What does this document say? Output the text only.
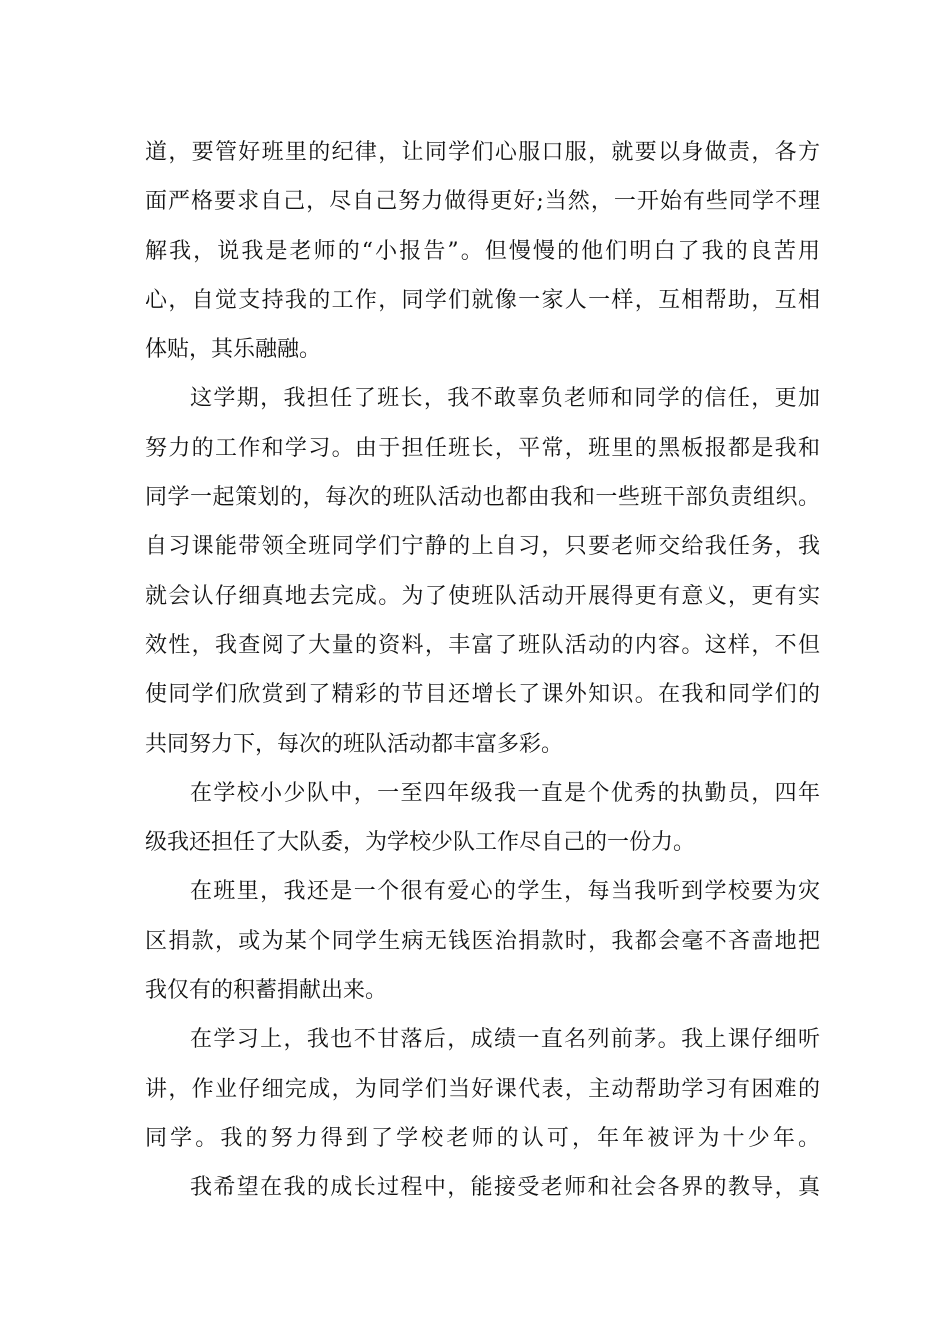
道，要管好班里的纪律，让同学们心服口服，就要以身做责，各方
面严格要求自己，尽自己努力做得更好;当然，一开始有些同学不理
解我，说我是老师的“小报告”。但慢慢的他们明白了我的良苦用
心，自觉支持我的工作，同学们就像一家人一样，互相帮助，互相
体贴，其乐融融。
这学期，我担任了班长，我不敢辜负老师和同学的信任，更加
努力的工作和学习。由于担任班长，平常，班里的黑板报都是我和
同学一起策划的，每次的班队活动也都由我和一些班干部负责组织。
自习课能带领全班同学们宁静的上自习，只要老师交给我任务，我
就会认仔细真地去完成。为了使班队活动开展得更有意义，更有实
效性，我查阅了大量的资料，丰富了班队活动的内容。这样，不但
使同学们欣赏到了精彩的节目还增长了课外知识。在我和同学们的
共同努力下，每次的班队活动都丰富多彩。
在学校小少队中，一至四年级我一直是个优秀的执勤员，四年
级我还担任了大队委，为学校少队工作尽自己的一份力。
在班里，我还是一个很有爱心的学生，每当我听到学校要为灾
区捐款，或为某个同学生病无钱医治捐款时，我都会毫不吝啬地把
我仅有的积蓄捐献出来。
在学习上，我也不甘落后，成绩一直名列前茅。我上课仔细听
讲，作业仔细完成，为同学们当好课代表，主动帮助学习有困难的
同学。我的努力得到了学校老师的认可，年年被评为十少年。
我希望在我的成长过程中，能接受老师和社会各界的教导，真
